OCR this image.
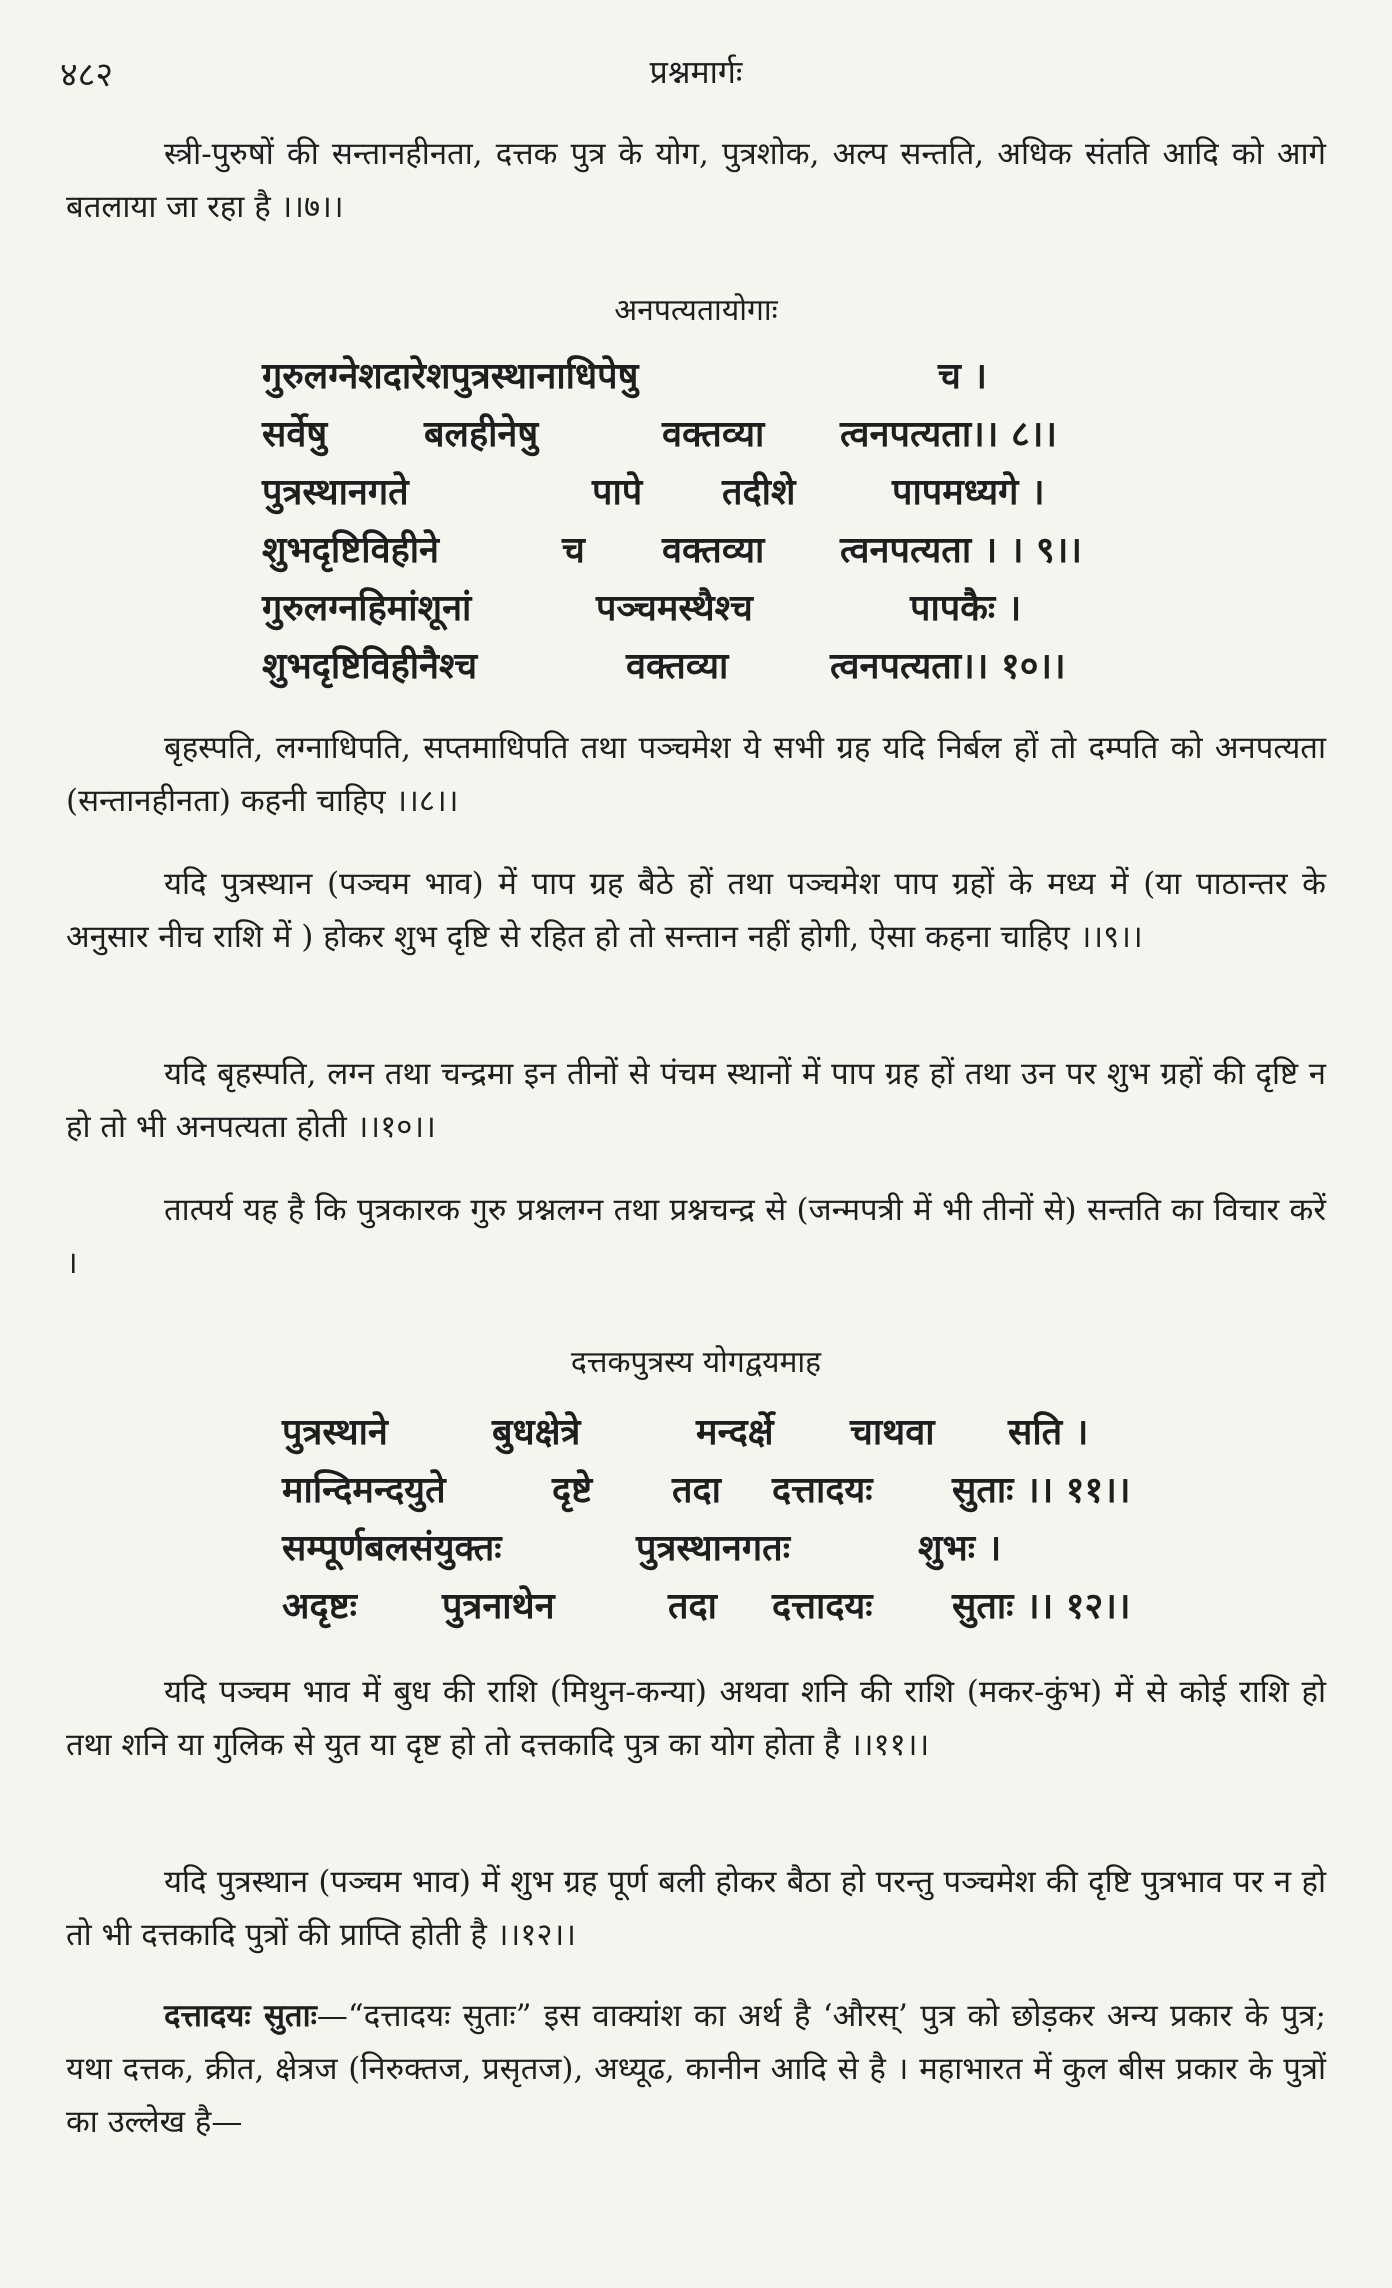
४८२	प्रश्नमार्गः

स्त्री-पुरुषों की सन्तानहीनता, दत्तक पुत्र के योग, पुत्रशोक, अल्प सन्तति, अधिक संतति आदि को आगे बतलाया जा रहा है ।।७।।

अनपत्यतायोगाः
गुरुलग्नेशदारेशपुत्रस्थानाधिपेषु	च ।
सर्वेषु	बलहीनेषु	वक्तव्या त्वनपत्यता।। ८।।
पुत्रस्थानगते	पापे तदीशे	पापमध्यगे ।
शुभदृष्टिविहीने	च वक्तव्या त्वनपत्यता । । ९।।
गुरुलग्नहिमांशूनां	पञ्चमस्थैश्च	पापकैः ।
शुभदृष्टिविहीनैश्च	वक्तव्या	त्वनपत्यता।। १०।।

बृहस्पति, लग्नाधिपति, सप्तमाधिपति तथा पञ्चमेश ये सभी ग्रह यदि निर्बल हों तो दम्पति को अनपत्यता (सन्तानहीनता) कहनी चाहिए ।।८।।

यदि पुत्रस्थान (पञ्चम भाव) में पाप ग्रह बैठे हों तथा पञ्चमेश पाप ग्रहों के मध्य में (या पाठान्तर के अनुसार नीच राशि में ) होकर शुभ दृष्टि से रहित हो तो सन्तान नहीं होगी, ऐसा कहना चाहिए ।।९।।

यदि बृहस्पति, लग्न तथा चन्द्रमा इन तीनों से पंचम स्थानों में पाप ग्रह हों तथा उन पर शुभ ग्रहों की दृष्टि न हो तो भी अनपत्यता होती ।।१०।।

तात्पर्य यह है कि पुत्रकारक गुरु प्रश्नलग्न तथा प्रश्नचन्द्र से (जन्मपत्री में भी तीनों से) सन्तति का विचार करें ।

दत्तकपुत्रस्य योगद्वयमाह
पुत्रस्थाने	बुधक्षेत्रे	मन्दर्क्षे चाथवा सति ।
मान्दिमन्दयुते	दृष्टे तदा दत्तादयः सुताः ।। ११।।
सम्पूर्णबलसंयुक्तः	पुत्रस्थानगतः	शुभः ।
अदृष्टः पुत्रनाथेन	तदा दत्तादयः सुताः ।। १२।।

यदि पञ्चम भाव में बुध की राशि (मिथुन-कन्या) अथवा शनि की राशि (मकर-कुंभ) में से कोई राशि हो तथा शनि या गुलिक से युत या दृष्ट हो तो दत्तकादि पुत्र का योग होता है ।।११।।

यदि पुत्रस्थान (पञ्चम भाव) में शुभ ग्रह पूर्ण बली होकर बैठा हो परन्तु पञ्चमेश की दृष्टि पुत्रभाव पर न हो तो भी दत्तकादि पुत्रों की प्राप्ति होती है ।।१२।।

दत्तादयः सुताः—“दत्तादयः सुताः” इस वाक्यांश का अर्थ है ‘औरस्’ पुत्र को छोड़कर अन्य प्रकार के पुत्र; यथा दत्तक, क्रीत, क्षेत्रज (निरुक्तज, प्रसृतज), अध्यूढ, कानीन आदि से है । महाभारत में कुल बीस प्रकार के पुत्रों का उल्लेख है—
